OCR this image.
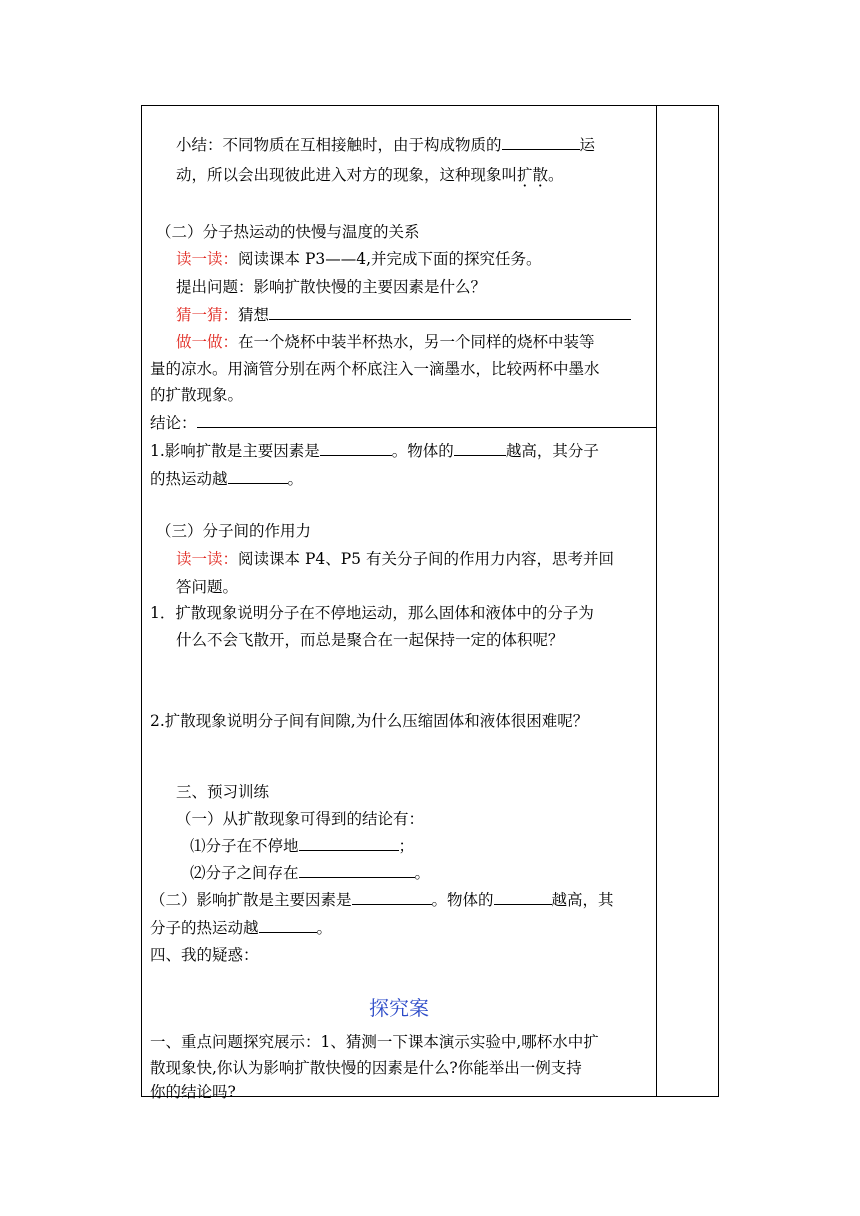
小结：不同物质在互相接触时，由于构成物质的	运
动，所以会出现彼此进入对方的现象，这种现象叫扩散。
（二）分子热运动的快慢与温度的关系
读一读：阅读课本 P3——4,并完成下面的探究任务。
提出问题：影响扩散快慢的主要因素是什么？
猜一猜：猜想
做一做：在一个烧杯中装半杯热水，另一个同样的烧杯中装等
量的凉水。用滴管分别在两个杯底注入一滴墨水，比较两杯中墨水
的扩散现象。
结论：
1.影响扩散是主要因素是	。物体的	越高，其分子
的热运动越	。
（三）分子间的作用力
读一读：阅读课本 P4、P5 有关分子间的作用力内容，思考并回
答问题。
1．扩散现象说明分子在不停地运动，那么固体和液体中的分子为
什么不会飞散开，而总是聚合在一起保持一定的体积呢？
2.扩散现象说明分子间有间隙,为什么压缩固体和液体很困难呢？
三、预习训练
（一）从扩散现象可得到的结论有：
⑴分子在不停地	；
⑵分子之间存在	。
（二）影响扩散是主要因素是	。物体的	越高，其
分子的热运动越	。
四、我的疑惑：
探究案
一、重点问题探究展示：1、猜测一下课本演示实验中,哪杯水中扩
散现象快,你认为影响扩散快慢的因素是什么?你能举出一例支持
你的结论吗?
